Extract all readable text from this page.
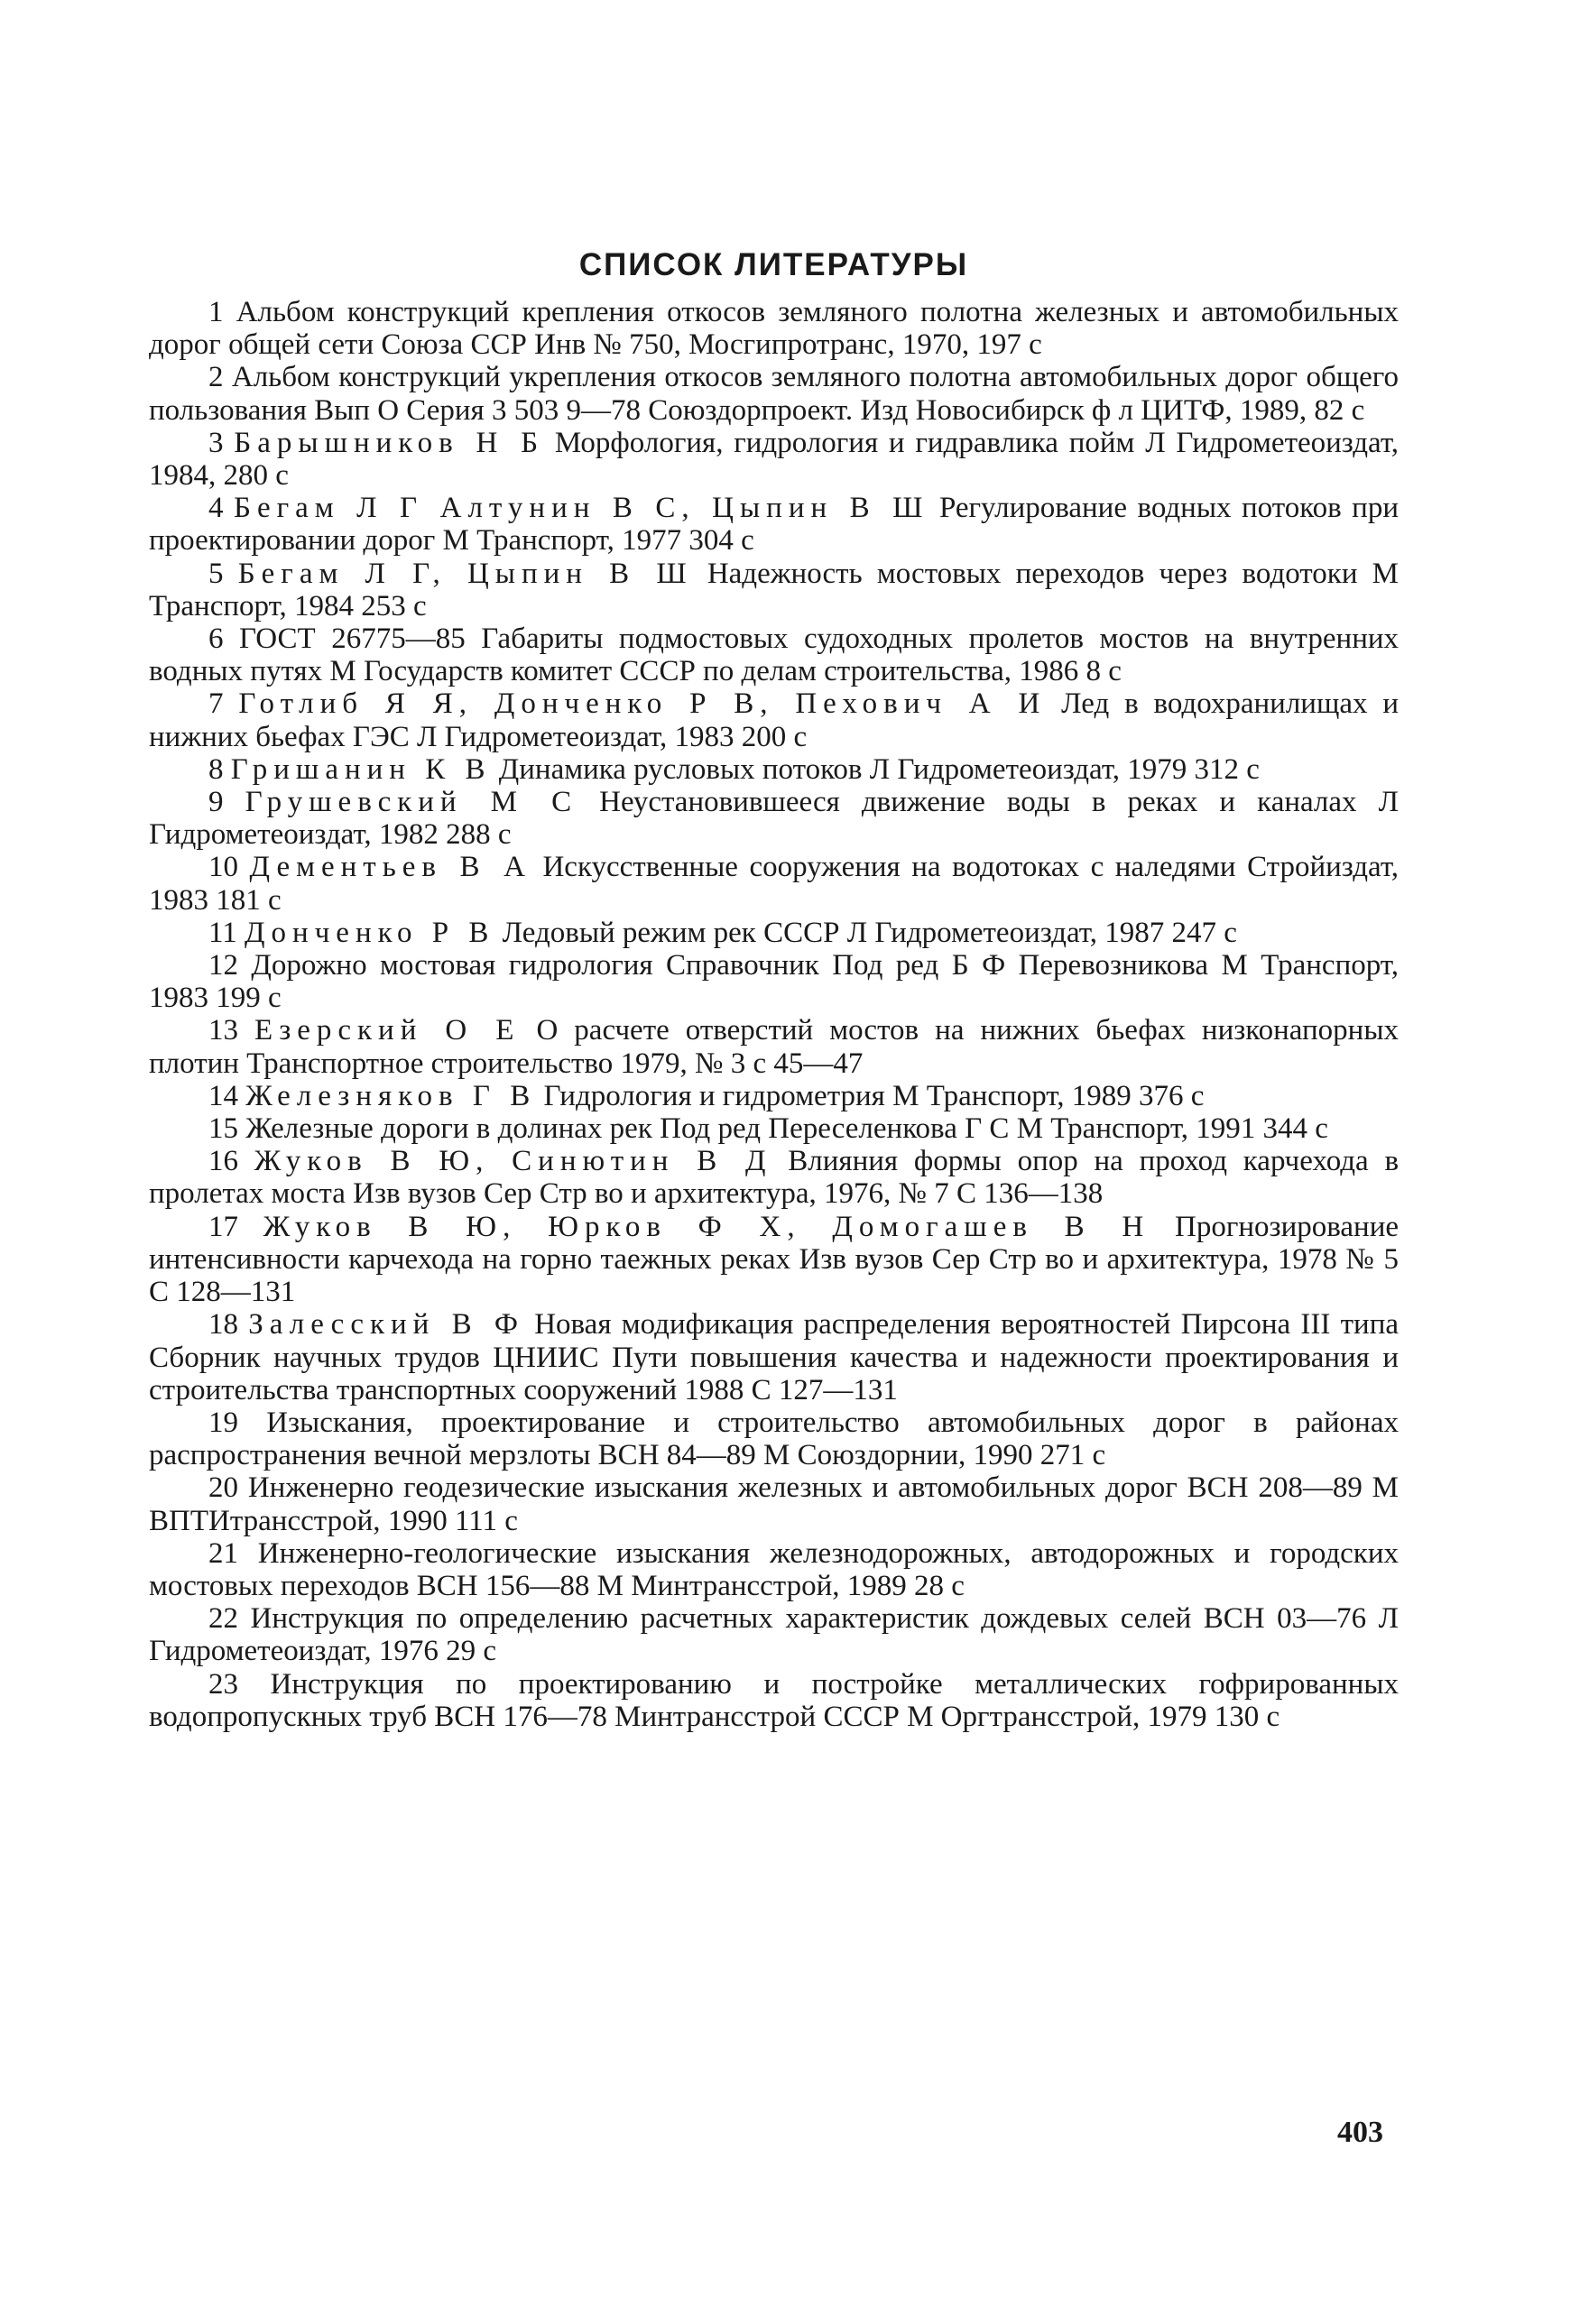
СПИСОК ЛИТЕРАТУРЫ

1 Альбом конструкций крепления откосов земляного полотна железных и автомобильных дорог общей сети Союза ССР Инв № 750, Мосгипротранс, 1970, 197 с

2 Альбом конструкций укрепления откосов земляного полотна автомобильных дорог общего пользования Вып О Серия 3 503 9—78 Союздорпроект. Изд Новосибирск ф л ЦИТФ, 1989, 82 с

3 Барышников Н Б Морфология, гидрология и гидравлика пойм Л Гидрометеоиздат, 1984, 280 с

4 Бегам Л Г Алтунин В С, Цыпин В Ш Регулирование водных потоков при проектировании дорог М Транспорт, 1977 304 с

5 Бегам Л Г, Цыпин В Ш Надежность мостовых переходов через водотоки М Транспорт, 1984 253 с

6 ГОСТ 26775—85 Габариты подмостовых судоходных пролетов мостов на внутренних водных путях М Государств комитет СССР по делам строительства, 1986 8 с

7 Готлиб Я Я, Донченко Р В, Пехович А И Лед в водохранилищах и нижних бьефах ГЭС Л Гидрометеоиздат, 1983 200 с

8 Гришанин К В Динамика русловых потоков Л Гидрометеоиздат, 1979 312 с

9 Грушевский М С Неустановившееся движение воды в реках и каналах Л Гидрометеоиздат, 1982 288 с

10 Дементьев В А Искусственные сооружения на водотоках с наледями Стройиздат, 1983 181 с

11 Донченко Р В Ледовый режим рек СССР Л Гидрометеоиздат, 1987 247 с

12 Дорожно мостовая гидрология Справочник Под ред Б Ф Перевозникова М Транспорт, 1983 199 с

13 Езерский О Е О расчете отверстий мостов на нижних бьефах низконапорных плотин Транспортное строительство 1979, № 3 с 45—47

14 Железняков Г В Гидрология и гидрометрия М Транспорт, 1989 376 с

15 Железные дороги в долинах рек Под ред Переселенкова Г С М Транспорт, 1991 344 с

16 Жуков В Ю, Синютин В Д Влияния формы опор на проход карчехода в пролетах моста Изв вузов Сер Стр во и архитектура, 1976, № 7 С 136—138

17 Жуков В Ю, Юрков Ф Х, Домогашев В Н Прогнозирование интенсивности карчехода на горно таежных реках Изв вузов Сер Стр во и архитектура, 1978 № 5 С 128—131

18 Залесский В Ф Новая модификация распределения вероятностей Пирсона III типа Сборник научных трудов ЦНИИС Пути повышения качества и надежности проектирования и строительства транспортных сооружений 1988 С 127—131

19 Изыскания, проектирование и строительство автомобильных дорог в районах распространения вечной мерзлоты ВСН 84—89 М Союздорнии, 1990 271 с

20 Инженерно геодезические изыскания железных и автомобильных дорог ВСН 208—89 М ВПТИтрансстрой, 1990 111 с

21 Инженерно-геологические изыскания железнодорожных, автодорожных и городских мостовых переходов ВСН 156—88 М Минтрансстрой, 1989 28 с

22 Инструкция по определению расчетных характеристик дождевых селей ВСН 03—76 Л Гидрометеоиздат, 1976 29 с

23 Инструкция по проектированию и постройке металлических гофрированных водопропускных труб ВСН 176—78 Минтрансстрой СССР М Оргтрансстрой, 1979 130 с

403
